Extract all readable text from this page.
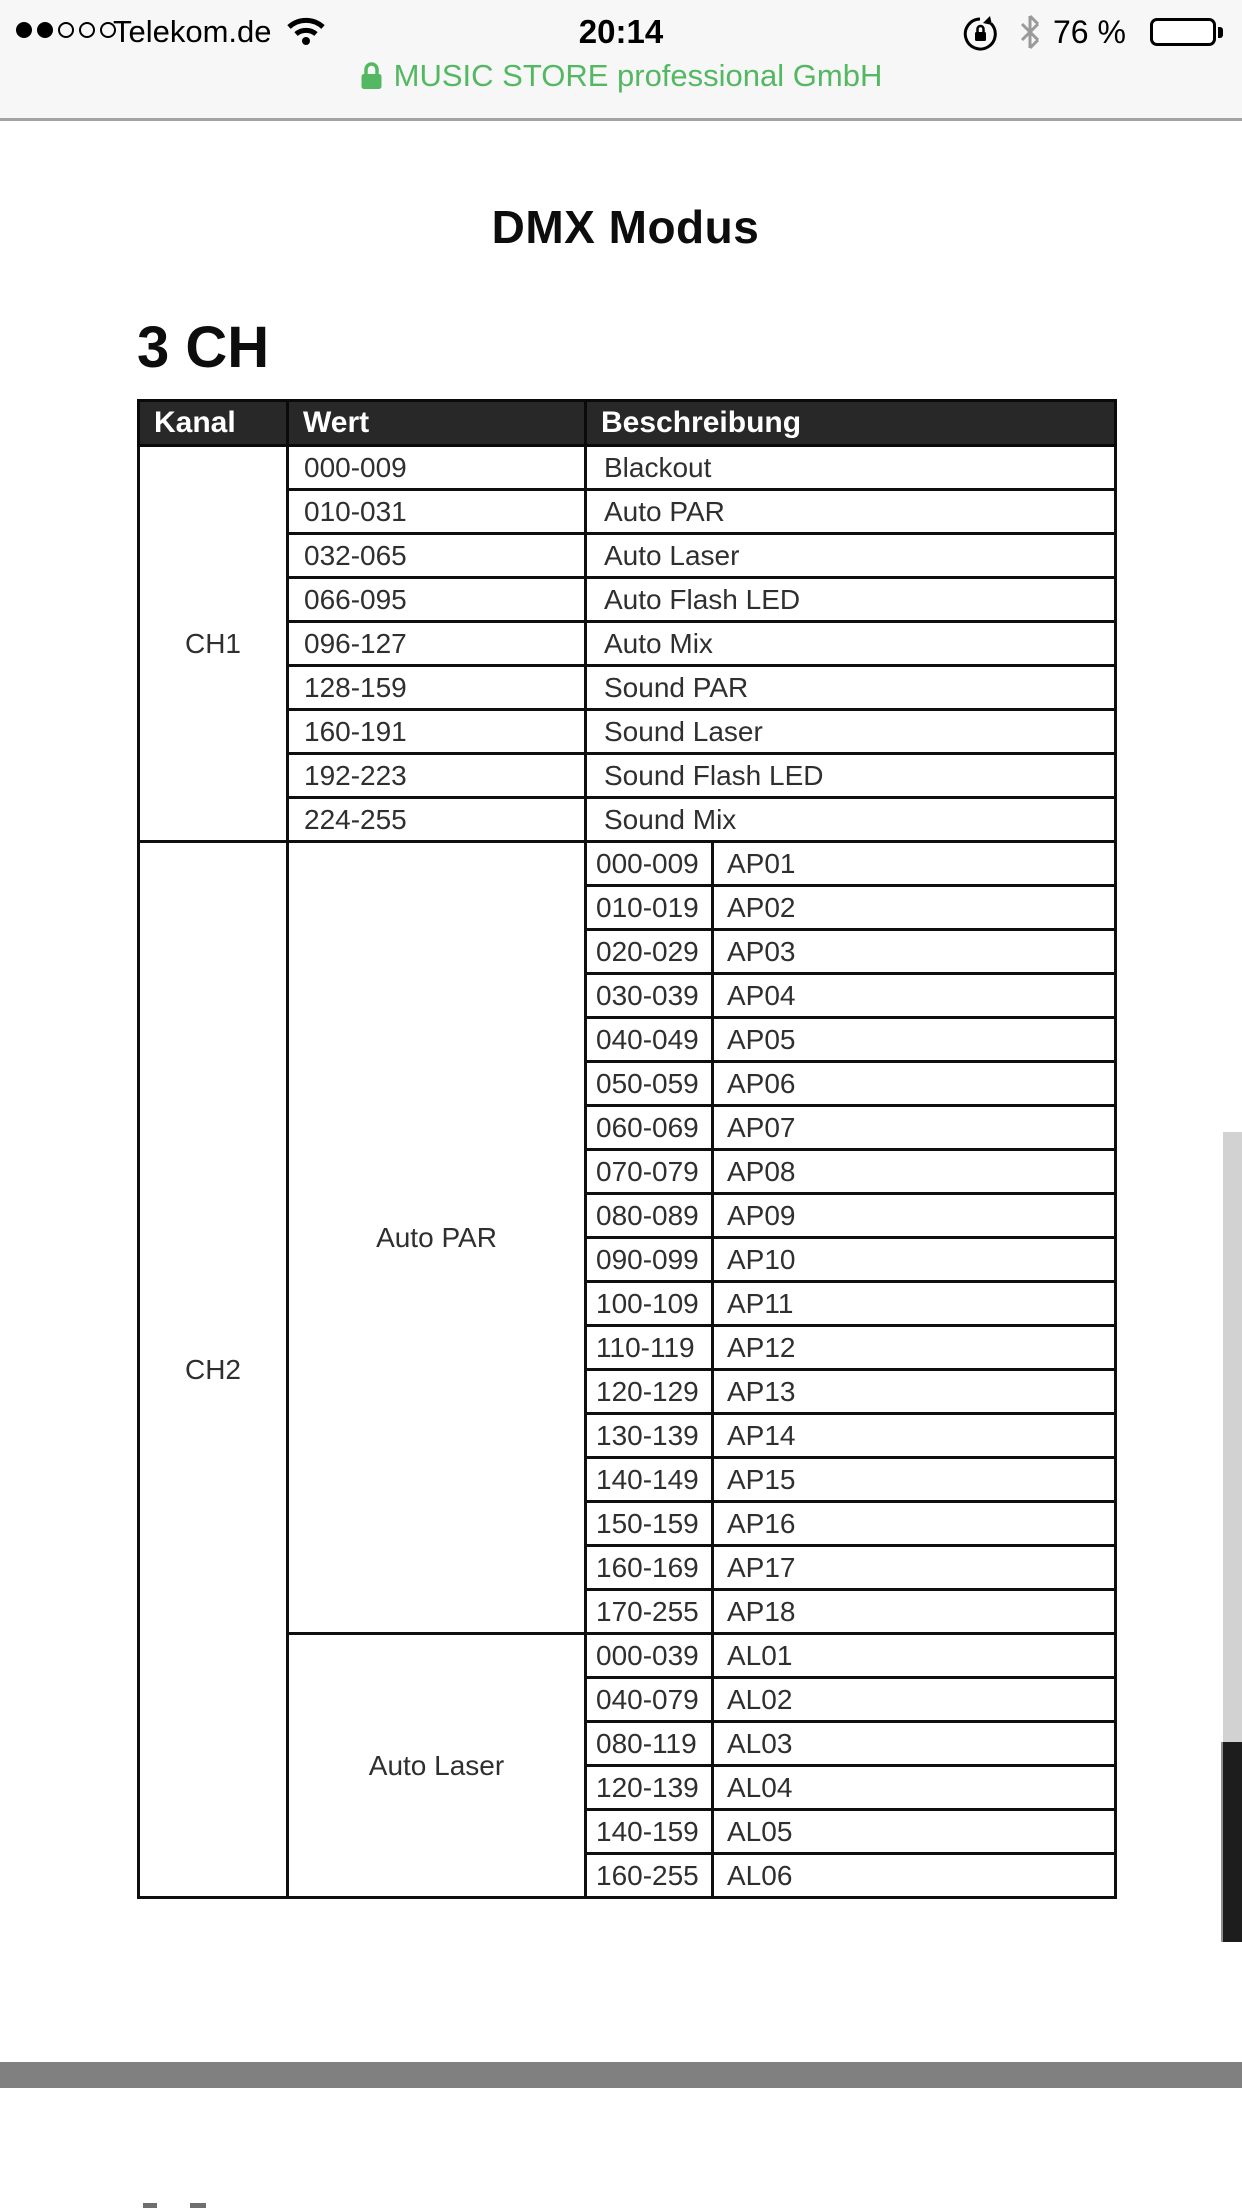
Telekom.de	20:14	76 %
MUSIC STORE professional GmbH
DMX Modus
3 CH
Kanal	Wert	Beschreibung	
CH1	000-009	Blackout	
	010-031	Auto PAR	
	032-065	Auto Laser	
	066-095	Auto Flash LED	
	096-127	Auto Mix	
	128-159	Sound PAR	
	160-191	Sound Laser	
	192-223	Sound Flash LED	
	224-255	Sound Mix	
CH2	Auto PAR	000-009	AP01
		010-019	AP02
		020-029	AP03
		030-039	AP04
		040-049	AP05
		050-059	AP06
		060-069	AP07
		070-079	AP08
		080-089	AP09
		090-099	AP10
		100-109	AP11
		110-119	AP12
		120-129	AP13
		130-139	AP14
		140-149	AP15
		150-159	AP16
		160-169	AP17
		170-255	AP18
	Auto Laser	000-039	AL01
		040-079	AL02
		080-119	AL03
		120-139	AL04
		140-159	AL05
		160-255	AL06
